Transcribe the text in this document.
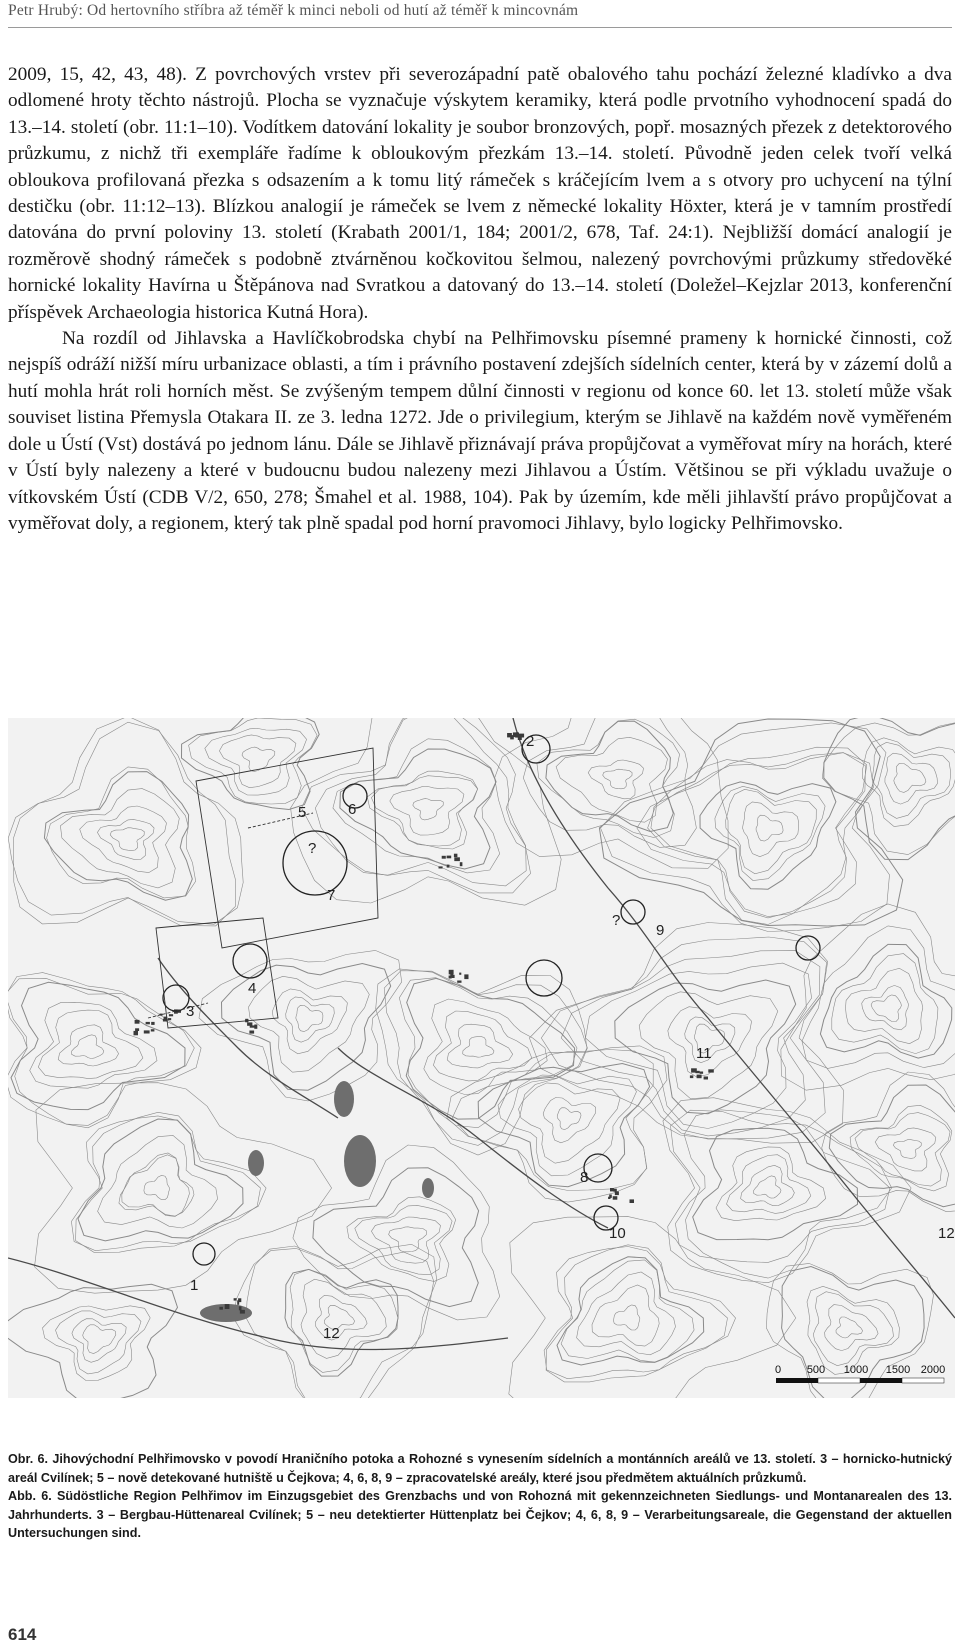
Petr Hrubý: Od hertovního stříbra až téměř k minci neboli od hutí až téměř k mincovnám

2009, 15, 42, 43, 48). Z povrchových vrstev při severozápadní patě obalového tahu pochází železné kladívko a dva odlomené hroty těchto nástrojů. Plocha se vyznačuje výskytem keramiky, která podle prvotního vyhodnocení spadá do 13.–14. století (obr. 11:1–10). Vodítkem datování lokality je soubor bronzových, popř. mosazných přezek z detektorového průzkumu, z nichž tři exempláře řadíme k obloukovým přezkám 13.–14. století. Původně jeden celek tvoří velká obloukova profilovaná přezka s odsazením a k tomu litý rámeček s kráčejícím lvem a s otvory pro uchycení na týlní destičku (obr. 11:12–13). Blízkou analogií je rámeček se lvem z německé lokality Höxter, která je v tamním prostředí datována do první poloviny 13. století (Krabath 2001/1, 184; 2001/2, 678, Taf. 24:1). Nejbližší domácí analogií je rozměrově shodný rámeček s podobně ztvárněnou kočkovitou šelmou, nalezený povrchovými průzkumy středověké hornické lokality Havírna u Štěpánova nad Svratkou a datovaný do 13.–14. století (Doležel–Kejzlar 2013, konferenční příspěvek Archaeologia historica Kutná Hora).

Na rozdíl od Jihlavska a Havlíčkobrodska chybí na Pelhřimovsku písemné prameny k hornické činnosti, což nejspíš odráží nižší míru urbanizace oblasti, a tím i právního postavení zdejších sídelních center, která by v zázemí dolů a hutí mohla hrát roli horních měst. Se zvýšeným tempem důlní činnosti v regionu od konce 60. let 13. století může však souviset listina Přemysla Otakara II. ze 3. ledna 1272. Jde o privilegium, kterým se Jihlavě na každém nově vyměřeném dole u Ústí (Vst) dostává po jednom lánu. Dále se Jihlavě přiznávají práva propůjčovat a vyměřovat míry na horách, které v Ústí byly nalezeny a které v budoucnu budou nalezeny mezi Jihlavou a Ústím. Většinou se při výkladu uvažuje o vítkovském Ústí (CDB V/2, 650, 278; Šmahel et al. 1988, 104). Pak by územím, kde měli jihlavští právo propůjčovat a vyměřovat doly, a regionem, který tak plně spadal pod horní pravomoci Jihlavy, bylo logicky Pelhřimovsko.

1
2
3
4
5	6
?
7
?
9
11
8
10
12
12
0 500 1000 1500 2000

Obr. 6. Jihovýchodní Pelhřimovsko v povodí Hraničního potoka a Rohozné s vynesením sídelních a montánních areálů ve 13. století. 3 – hornicko-hutnický areál Cvilínek; 5 – nově detekované hutniště u Čejkova; 4, 6, 8, 9 – zpracovatelské areály, které jsou předmětem aktuálních průzkumů.

Abb. 6. Südöstliche Region Pelhřimov im Einzugsgebiet des Grenzbachs und von Rohozná mit gekennzeichneten Siedlungs- und Montanarealen des 13. Jahrhunderts. 3 – Bergbau-Hüttenareal Cvilínek; 5 – neu detektierter Hüttenplatz bei Čejkov; 4, 6, 8, 9 – Verarbeitungsareale, die Gegenstand der aktuellen Untersuchungen sind.

614
